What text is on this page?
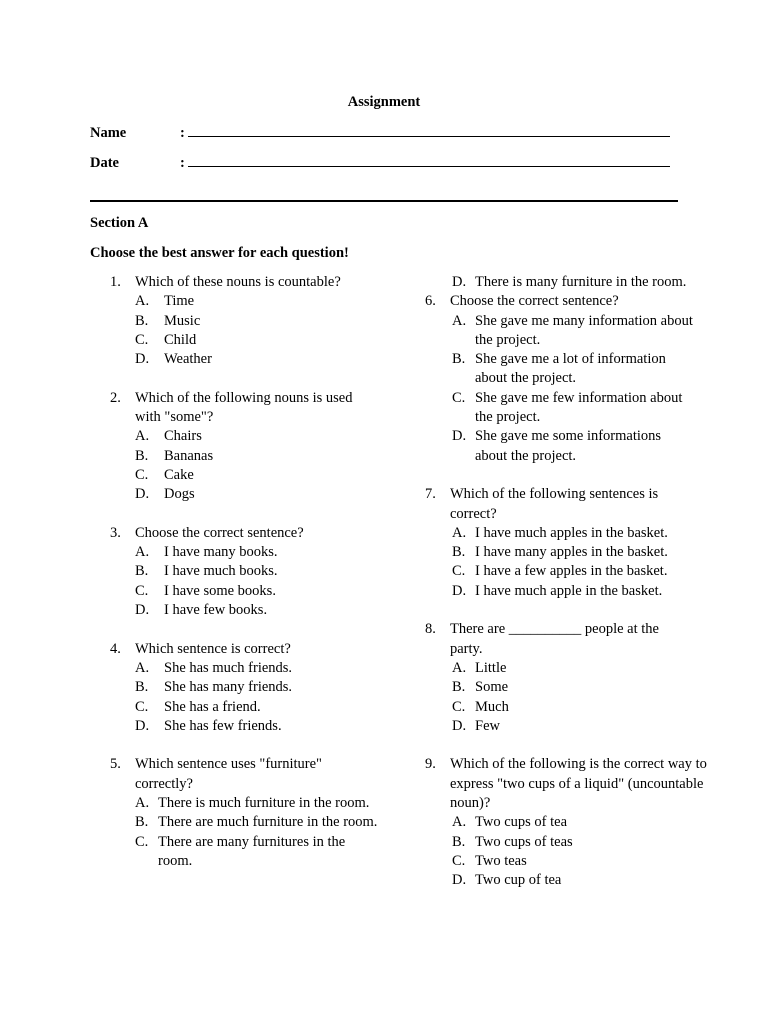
Assignment
Name	:
Date	:
Section A
Choose the best answer for each question!
1. Which of these nouns is countable?
A.	Time
B.	Music
C.	Child
D.	Weather
2. Which of the following nouns is used with "some"?
A.	Chairs
B.	Bananas
C.	Cake
D.	Dogs
3. Choose the correct sentence?
A.	I have many books.
B.	I have much books.
C.	I have some books.
D.	I have few books.
4. Which sentence is correct?
A.	She has much friends.
B.	She has many friends.
C.	She has a friend.
D.	She has few friends.
5. Which sentence uses "furniture" correctly?
A. There is much furniture in the room.
B. There are much furniture in the room.
C. There are many furnitures in the room.
D. There is many furniture in the room.
6. Choose the correct sentence?
A. She gave me many information about the project.
B. She gave me a lot of information about the project.
C. She gave me few information about the project.
D. She gave me some informations about the project.
7. Which of the following sentences is correct?
A. I have much apples in the basket.
B. I have many apples in the basket.
C. I have a few apples in the basket.
D. I have much apple in the basket.
8. There are __________ people at the party.
A. Little
B. Some
C. Much
D. Few
9. Which of the following is the correct way to express "two cups of a liquid" (uncountable noun)?
A. Two cups of tea
B. Two cups of teas
C. Two teas
D. Two cup of tea
